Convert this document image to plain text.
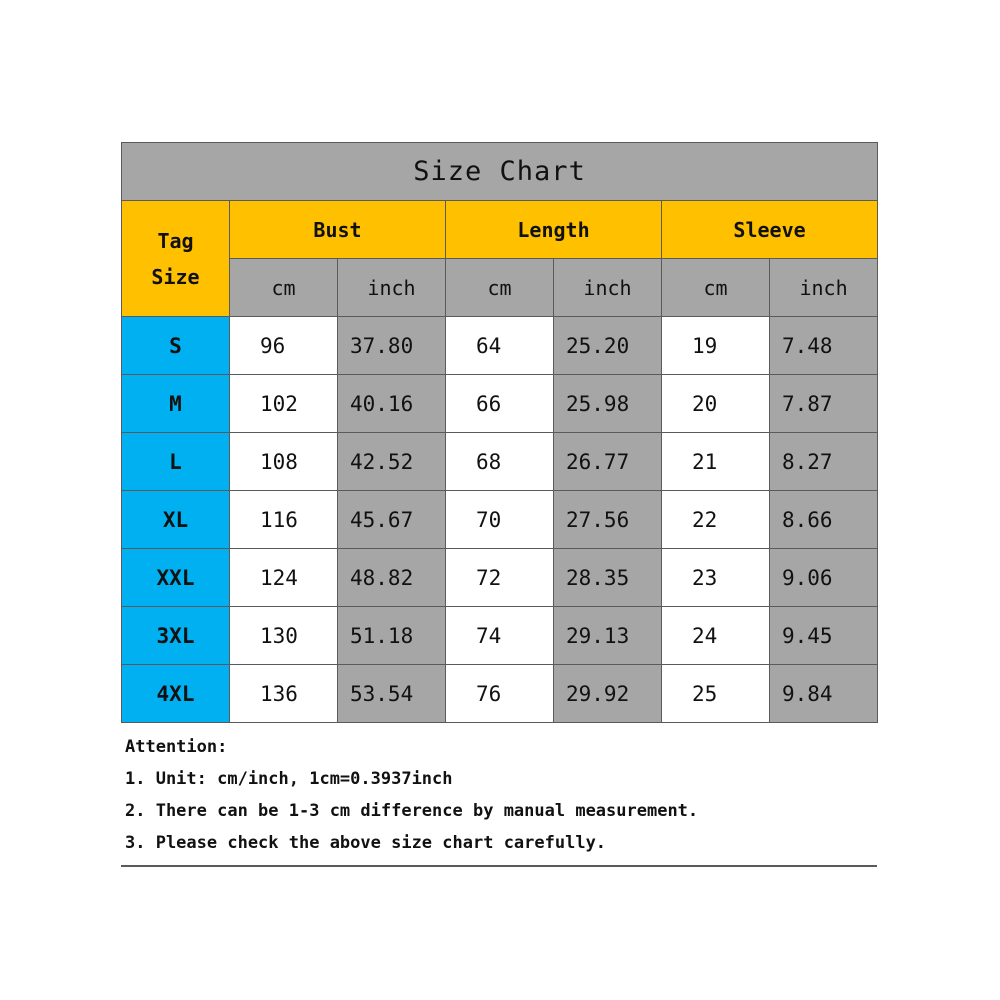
Size Chart						

Tag
Size	Bust		Length		Sleeve	
	cm	inch	cm	inch	cm	inch
S	96	37.80	64	25.20	19	7.48
M	102	40.16	66	25.98	20	7.87
L	108	42.52	68	26.77	21	8.27
XL	116	45.67	70	27.56	22	8.66
XXL	124	48.82	72	28.35	23	9.06
3XL	130	51.18	74	29.13	24	9.45
4XL	136	53.54	76	29.92	25	9.84
Attention:
1. Unit: cm/inch, 1cm=0.3937inch
2. There can be 1-3 cm difference by manual measurement.
3. Please check the above size chart carefully.
